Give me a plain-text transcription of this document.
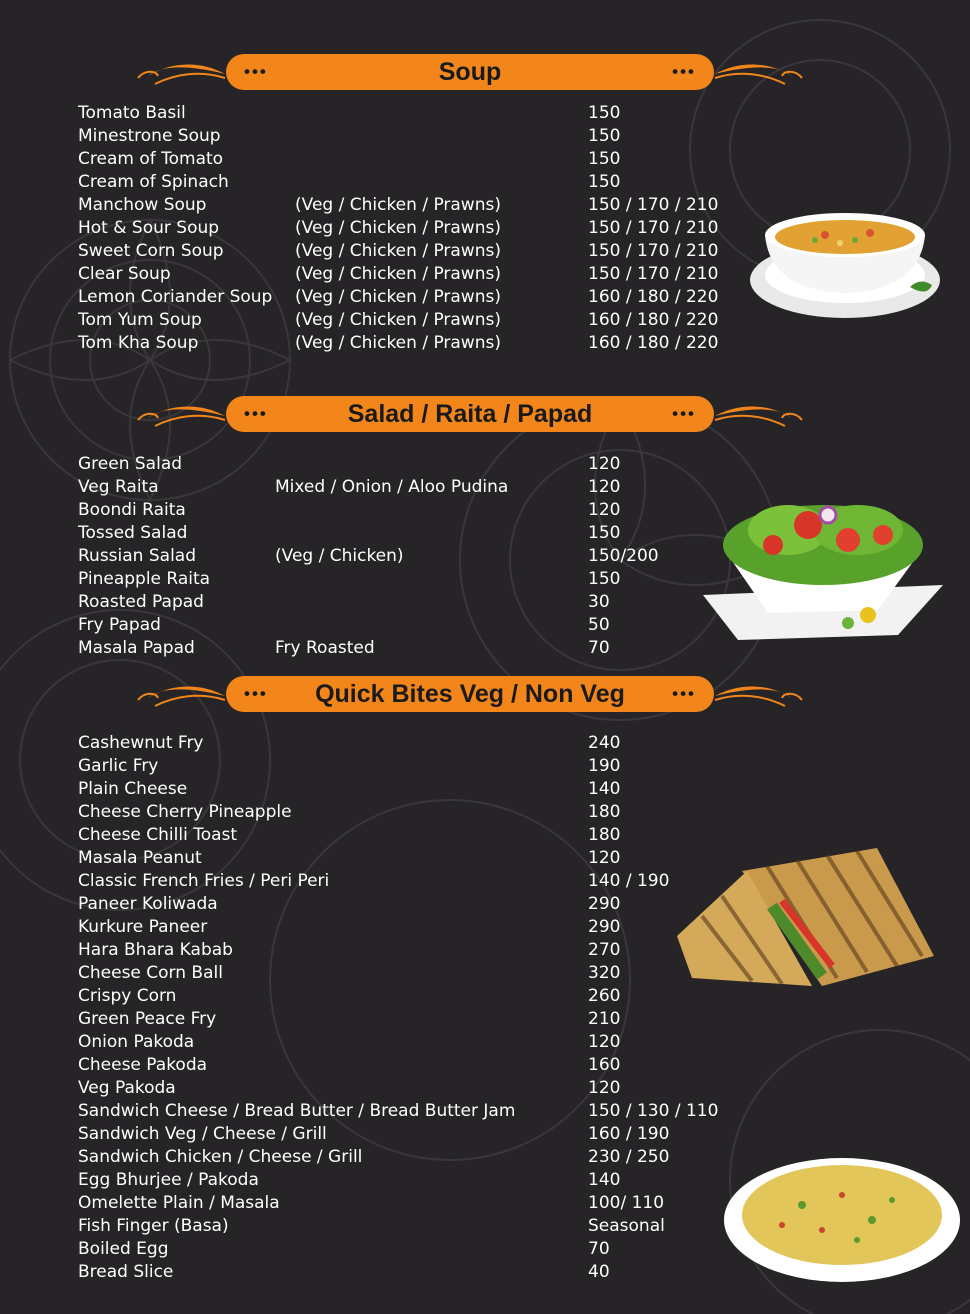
•••	Soup	•••
Tomato Basil	150
Minestrone Soup	150
Cream of Tomato	150
Cream of Spinach	150
Manchow Soup	(Veg / Chicken / Prawns)	150 / 170 / 210
Hot & Sour Soup	(Veg / Chicken / Prawns)	150 / 170 / 210
Sweet Corn Soup	(Veg / Chicken / Prawns)	150 / 170 / 210
Clear Soup	(Veg / Chicken / Prawns)	150 / 170 / 210
Lemon Coriander Soup (Veg / Chicken / Prawns)	160 / 180 / 220
Tom Yum Soup	(Veg / Chicken / Prawns)	160 / 180 / 220
Tom Kha Soup	(Veg / Chicken / Prawns)	160 / 180 / 220
•••	Salad / Raita / Papad	•••
Green Salad	120
Veg Raita	Mixed / Onion / Aloo Pudina	120
Boondi Raita	120
Tossed Salad	150
Russian Salad	(Veg / Chicken)	150/200
Pineapple Raita	150
Roasted Papad	30
Fry Papad	50
Masala Papad	Fry Roasted	70
••• Quick Bites Veg / Non Veg	•••
Cashewnut Fry	240
Garlic Fry	190
Plain Cheese	140
Cheese Cherry Pineapple	180
Cheese Chilli Toast	180
Masala Peanut	120
Classic French Fries / Peri Peri	140 / 190
Paneer Koliwada	290
Kurkure Paneer	290
Hara Bhara Kabab	270
Cheese Corn Ball	320
Crispy Corn	260
Green Peace Fry	210
Onion Pakoda	120
Cheese Pakoda	160
Veg Pakoda	120
Sandwich Cheese / Bread Butter / Bread Butter Jam	150 / 130 / 110
Sandwich Veg / Cheese / Grill	160 / 190
Sandwich Chicken / Cheese / Grill	230 / 250
Egg Bhurjee / Pakoda	140
Omelette Plain / Masala	100/ 110
Fish Finger (Basa)	Seasonal
Boiled Egg	70
Bread Slice	40
